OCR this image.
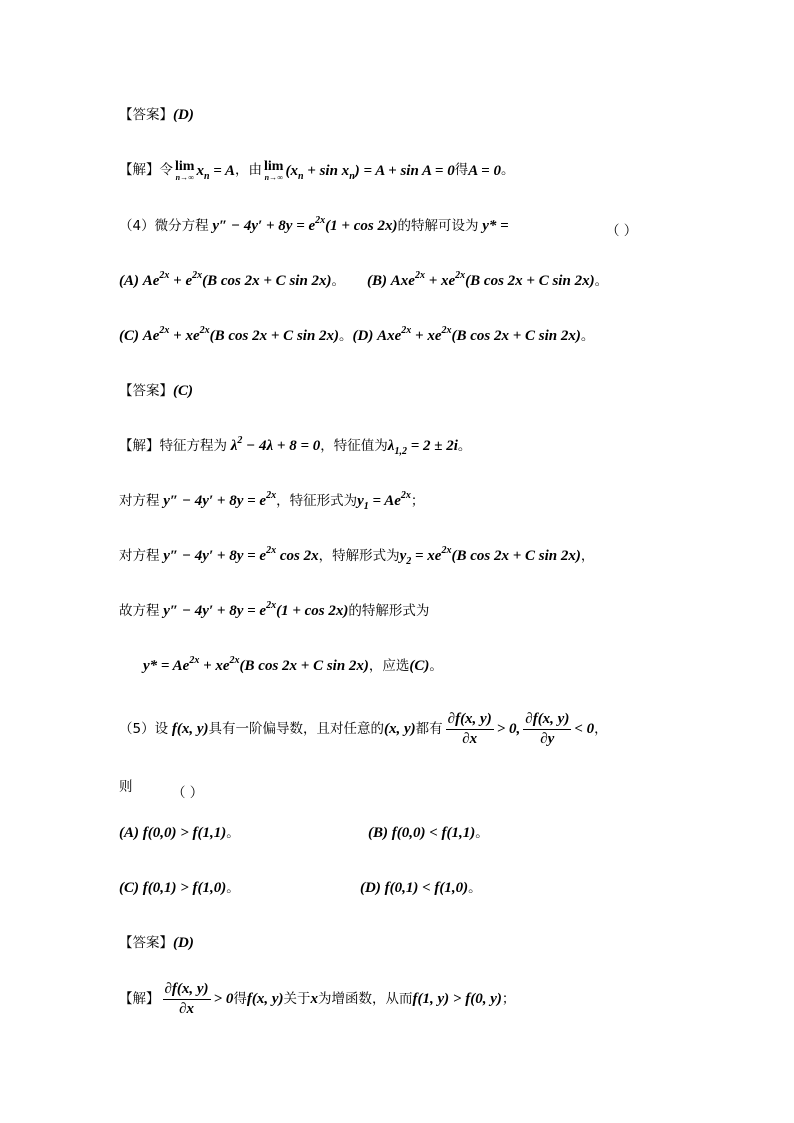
【答案】 (D)
【解】令 lim
n→∞ $x_n = A$ ，由 lim
n→∞ $(x_n + \sin x_n) = A + \sin A = 0$ 得 A = 0 。
（4）微分方程 $y'' - 4y' + 8y = e^{2x}(1 + \cos 2x)$ 的特解可设为 y* =	（ ）
(A) $Ae^{2x} + e^{2x}(B$ cos 2x + C sin 2x) 。 (B) $Axe^{2x} + xe^{2x}(B$ cos 2x + C sin 2x) 。
(C) $Ae^{2x} + xe^{2x}(B$ cos 2x + C sin 2x) 。 (D) $Axe^{2x} + xe^{2x}(B$ cos 2x + C sin 2x) 。
【答案】 (C)
【解】特征方程为 $\lambda^2 - 4\lambda + 8 = 0$ ，特征值为 $\lambda_{1,2} = 2 \pm 2i$ 。
对方程 $y'' - 4y' + 8y = e^{2x}$ ，特征形式为 $y_1 = Ae^{2x}$ ；
对方程 $y'' - 4y' + 8y = e^{2x}$ cos 2x ，特解形式为 $y_2 = xe^{2x}(B$ cos 2x + C sin 2x) ，
故方程 $y'' - 4y' + 8y = e^{2x}(1 + \cos 2x)$ 的特解形式为
$y* = Ae^{2x} + xe^{2x}(B$ cos 2x + C sin 2x) ，应选 (C) 。
（5）设 f(x, y) 具有一阶偏导数，且对任意的 (x, y) 都有 $\frac{\partial f(x, y)}{\partial x} > 0$, $\frac{\partial f(x, y)}{\partial y} < 0$ ，
则	（ ）
(A) f(0,0) > f(1,1) 。	(B) f(0,0) < f(1,1) 。
(C) f(0,1) > f(1,0) 。	(D) f(0,1) < f(1,0) 。
【答案】 (D)
【解】 $\frac{\partial f(x, y)}{\partial x} > 0$ 得 f(x, y) 关于 x 为增函数，从而 f(1, y) > f(0, y) ；
